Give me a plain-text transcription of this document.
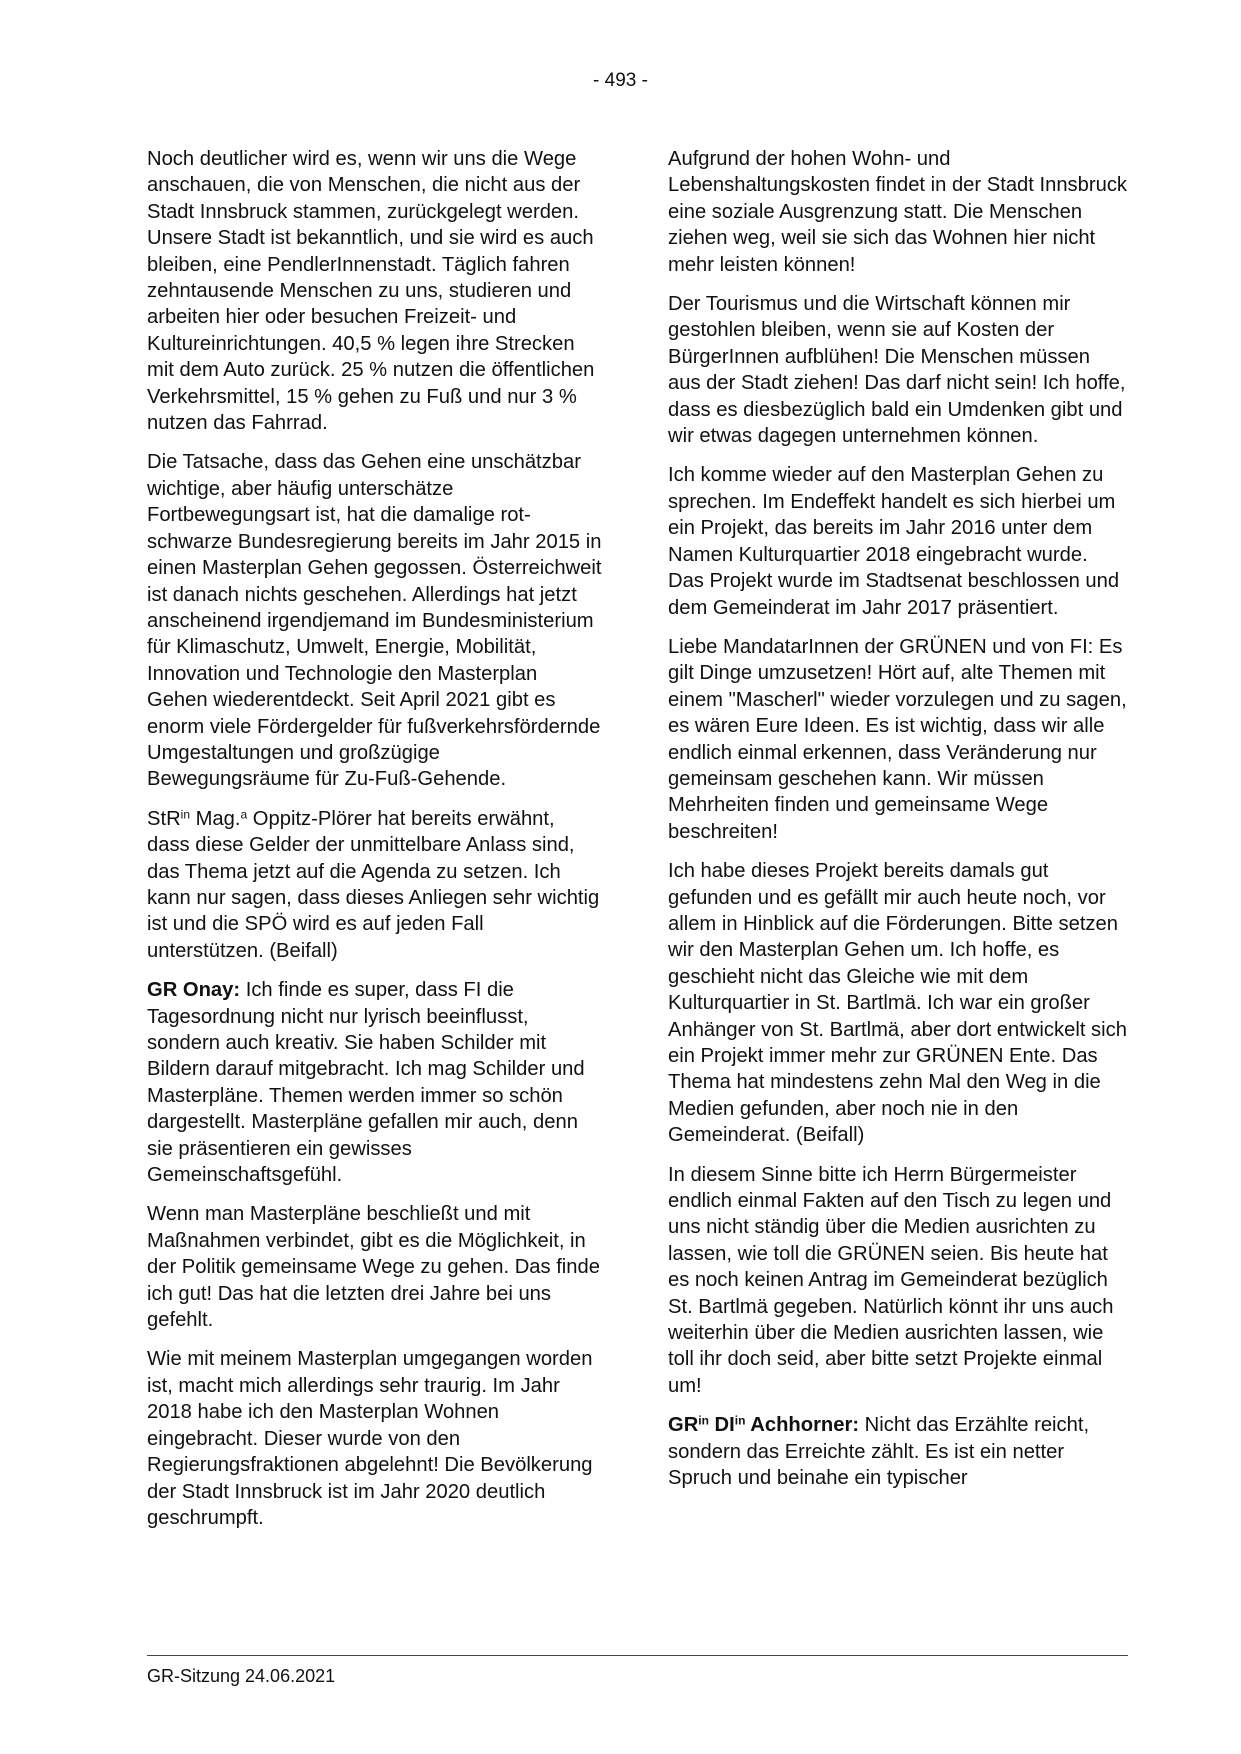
- 493 -

Noch deutlicher wird es, wenn wir uns die Wege anschauen, die von Menschen, die nicht aus der Stadt Innsbruck stammen, zurückgelegt werden. Unsere Stadt ist bekanntlich, und sie wird es auch bleiben, eine PendlerInnenstadt. Täglich fahren zehntausende Menschen zu uns, studieren und arbeiten hier oder besuchen Freizeit- und Kultureinrichtungen. 40,5 % legen ihre Strecken mit dem Auto zurück. 25 % nutzen die öffentlichen Verkehrsmittel, 15 % gehen zu Fuß und nur 3 % nutzen das Fahrrad.

Die Tatsache, dass das Gehen eine unschätzbar wichtige, aber häufig unterschätze Fortbewegungsart ist, hat die damalige rot-schwarze Bundesregierung bereits im Jahr 2015 in einen Masterplan Gehen gegossen. Österreichweit ist danach nichts geschehen. Allerdings hat jetzt anscheinend irgendjemand im Bundesministerium für Klimaschutz, Umwelt, Energie, Mobilität, Innovation und Technologie den Masterplan Gehen wiederentdeckt. Seit April 2021 gibt es enorm viele Fördergelder für fußverkehrsfördernde Umgestaltungen und großzügige Bewegungsräume für Zu-Fuß-Gehende.

StR$^{in}$ Mag.$^a$ Oppitz-Plörer hat bereits erwähnt, dass diese Gelder der unmittelbare Anlass sind, das Thema jetzt auf die Agenda zu setzen. Ich kann nur sagen, dass dieses Anliegen sehr wichtig ist und die SPÖ wird es auf jeden Fall unterstützen. (Beifall)

GR Onay: Ich finde es super, dass FI die Tagesordnung nicht nur lyrisch beeinflusst, sondern auch kreativ. Sie haben Schilder mit Bildern darauf mitgebracht. Ich mag Schilder und Masterpläne. Themen werden immer so schön dargestellt. Masterpläne gefallen mir auch, denn sie präsentieren ein gewisses Gemeinschaftsgefühl.

Wenn man Masterpläne beschließt und mit Maßnahmen verbindet, gibt es die Möglichkeit, in der Politik gemeinsame Wege zu gehen. Das finde ich gut! Das hat die letzten drei Jahre bei uns gefehlt.

Wie mit meinem Masterplan umgegangen worden ist, macht mich allerdings sehr traurig. Im Jahr 2018 habe ich den Masterplan Wohnen eingebracht. Dieser wurde von den Regierungsfraktionen abgelehnt! Die Bevölkerung der Stadt Innsbruck ist im Jahr 2020 deutlich geschrumpft.

Aufgrund der hohen Wohn- und Lebenshaltungskosten findet in der Stadt Innsbruck eine soziale Ausgrenzung statt. Die Menschen ziehen weg, weil sie sich das Wohnen hier nicht mehr leisten können!

Der Tourismus und die Wirtschaft können mir gestohlen bleiben, wenn sie auf Kosten der BürgerInnen aufblühen! Die Menschen müssen aus der Stadt ziehen! Das darf nicht sein! Ich hoffe, dass es diesbezüglich bald ein Umdenken gibt und wir etwas dagegen unternehmen können.

Ich komme wieder auf den Masterplan Gehen zu sprechen. Im Endeffekt handelt es sich hierbei um ein Projekt, das bereits im Jahr 2016 unter dem Namen Kulturquartier 2018 eingebracht wurde. Das Projekt wurde im Stadtsenat beschlossen und dem Gemeinderat im Jahr 2017 präsentiert.

Liebe MandatarInnen der GRÜNEN und von FI: Es gilt Dinge umzusetzen! Hört auf, alte Themen mit einem "Mascherl" wieder vorzulegen und zu sagen, es wären Eure Ideen. Es ist wichtig, dass wir alle endlich einmal erkennen, dass Veränderung nur gemeinsam geschehen kann. Wir müssen Mehrheiten finden und gemeinsame Wege beschreiten!

Ich habe dieses Projekt bereits damals gut gefunden und es gefällt mir auch heute noch, vor allem in Hinblick auf die Förderungen. Bitte setzen wir den Masterplan Gehen um. Ich hoffe, es geschieht nicht das Gleiche wie mit dem Kulturquartier in St. Bartlmä. Ich war ein großer Anhänger von St. Bartlmä, aber dort entwickelt sich ein Projekt immer mehr zur GRÜNEN Ente. Das Thema hat mindestens zehn Mal den Weg in die Medien gefunden, aber noch nie in den Gemeinderat. (Beifall)

In diesem Sinne bitte ich Herrn Bürgermeister endlich einmal Fakten auf den Tisch zu legen und uns nicht ständig über die Medien ausrichten zu lassen, wie toll die GRÜNEN seien. Bis heute hat es noch keinen Antrag im Gemeinderat bezüglich St. Bartlmä gegeben. Natürlich könnt ihr uns auch weiterhin über die Medien ausrichten lassen, wie toll ihr doch seid, aber bitte setzt Projekte einmal um!

$GR^{in}$ $DI^{in}$ Achhorner: Nicht das Erzählte reicht, sondern das Erreichte zählt. Es ist ein netter Spruch und beinahe ein typischer

GR-Sitzung 24.06.2021
